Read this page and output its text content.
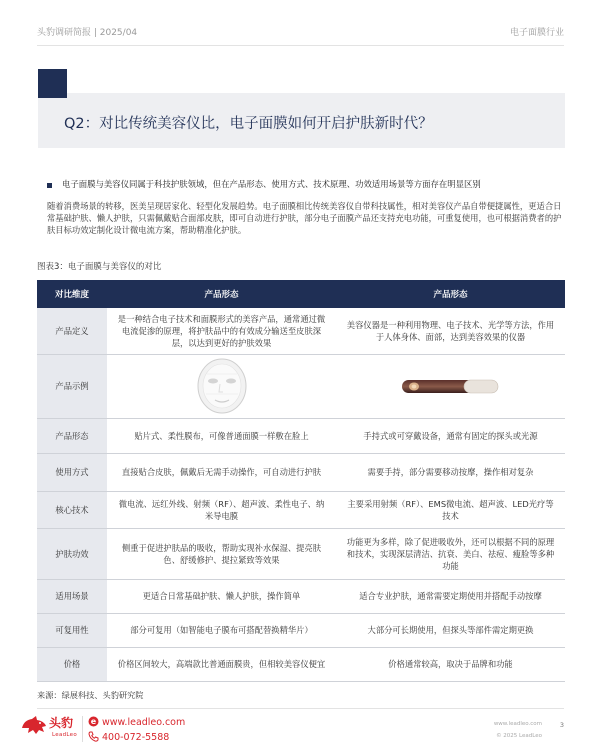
头豹调研简报 | 2025/04	电子面膜行业
Q2：对比传统美容仪比，电子面膜如何开启护肤新时代？
电子面膜与美容仪同属于科技护肤领域，但在产品形态、使用方式、技术原理、功效适用场景等方面存在明显区别
随着消费场景的转移，医美呈现居家化、轻型化发展趋势。电子面膜相比传统美容仪自带科技属性，相对美容仪产品自带便捷属性，更适合日常基础护肤、懒人护肤，只需佩戴贴合面部皮肤，即可自动进行护肤，部分电子面膜产品还支持充电功能，可重复使用，也可根据消费者的护肤目标功效定制化设计微电流方案，帮助精准化护肤。
图表3：电子面膜与美容仪的对比
对比维度	产品形态	产品形态
产品定义	是一种结合电子技术和面膜形式的美容产品，通常通过微电流促渗的原理，将护肤品中的有效成分输送至皮肤深层，以达到更好的护肤效果	美容仪器是一种利用物理、电子技术、光学等方法，作用于人体身体、面部，达到美容效果的仪器
产品示例	

产品形态	贴片式、柔性膜布，可像普通面膜一样敷在脸上	手持式或可穿戴设备，通常有固定的探头或光源
使用方式	直接贴合皮肤，佩戴后无需手动操作，可自动进行护肤	需要手持，部分需要移动按摩，操作相对复杂
核心技术	微电流、远红外线、射频（RF）、超声波、柔性电子、纳米导电膜	主要采用射频（RF）、EMS微电流、超声波、LED光疗等技术
护肤功效	侧重于促进护肤品的吸收，帮助实现补水保湿、提亮肤色、舒缓修护、提拉紧致等效果	功能更为多样，除了促进吸收外，还可以根据不同的原理和技术，实现深层清洁、抗衰、美白、祛痘、瘦脸等多种功能
适用场景	更适合日常基础护肤、懒人护肤，操作简单	适合专业护肤，通常需要定期使用并搭配手动按摩
可复用性	部分可复用（如智能电子膜布可搭配替换精华片）	大部分可长期使用，但探头等部件需定期更换
价格	价格区间较大，高端款比普通面膜贵，但相较美容仪便宜	价格通常较高，取决于品牌和功能
来源：绿展科技、头豹研究院
头豹
LeadLeo
e www.leadleo.com
400-072-5588
www.leadleo.com
© 2025 LeadLeo
3
